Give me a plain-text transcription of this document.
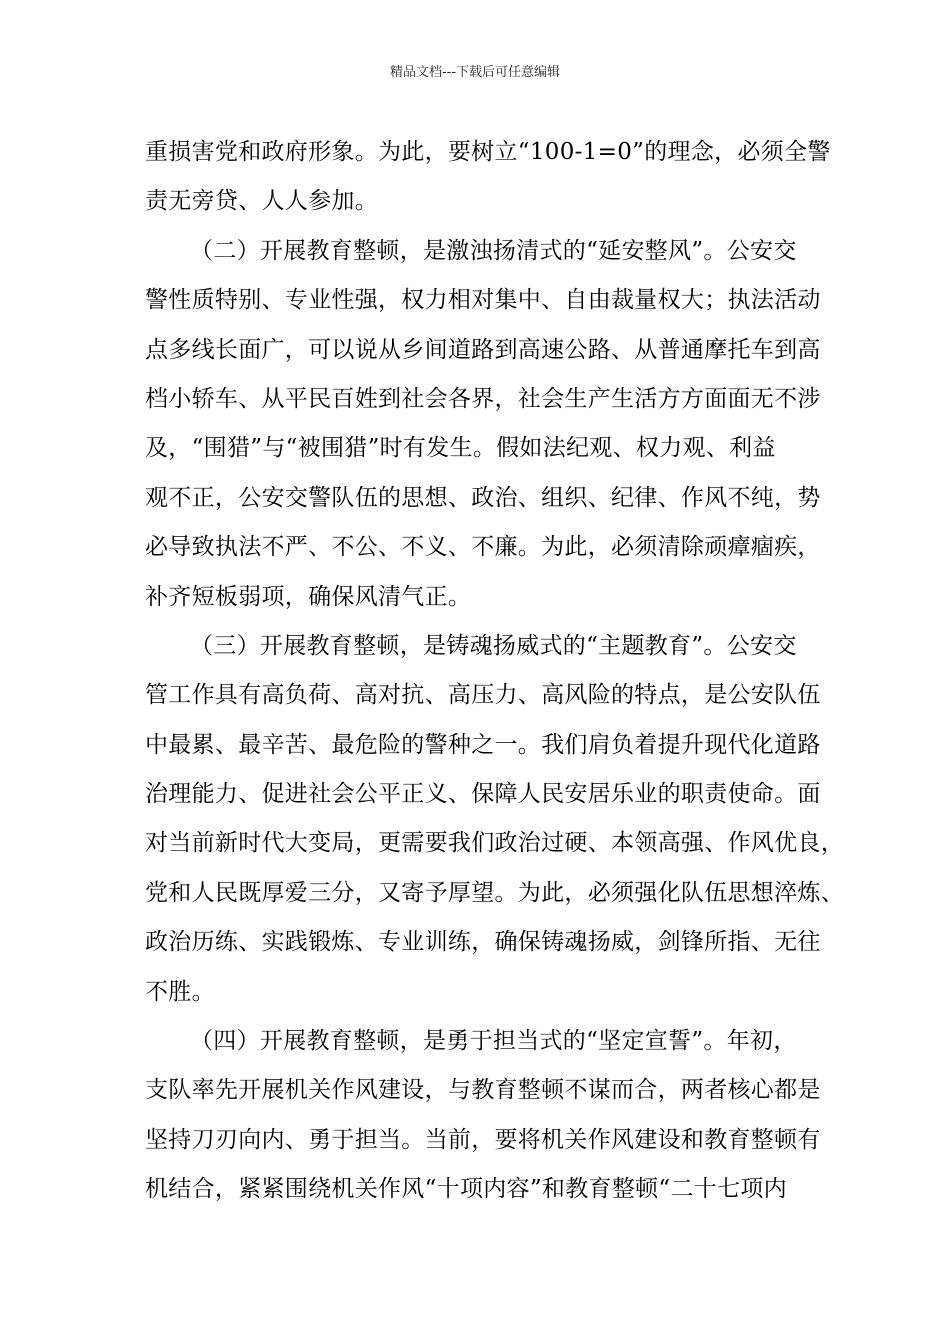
精品文档---下载后可任意编辑
重损害党和政府形象。为此，要树立“100-1=0”的理念，必须全警
责无旁贷、人人参加。
（二）开展教育整顿，是激浊扬清式的“延安整风”。公安交
警性质特别、专业性强，权力相对集中、自由裁量权大；执法活动
点多线长面广，可以说从乡间道路到高速公路、从普通摩托车到高
档小轿车、从平民百姓到社会各界，社会生产生活方方面面无不涉
及，“围猎”与“被围猎”时有发生。假如法纪观、权力观、利益
观不正，公安交警队伍的思想、政治、组织、纪律、作风不纯，势
必导致执法不严、不公、不义、不廉。为此，必须清除顽瘴痼疾，
补齐短板弱项，确保风清气正。
（三）开展教育整顿，是铸魂扬威式的“主题教育”。公安交
管工作具有高负荷、高对抗、高压力、高风险的特点，是公安队伍
中最累、最辛苦、最危险的警种之一。我们肩负着提升现代化道路
治理能力、促进社会公平正义、保障人民安居乐业的职责使命。面
对当前新时代大变局，更需要我们政治过硬、本领高强、作风优良，
党和人民既厚爱三分，又寄予厚望。为此，必须强化队伍思想淬炼、
政治历练、实践锻炼、专业训练，确保铸魂扬威，剑锋所指、无往
不胜。
（四）开展教育整顿，是勇于担当式的“坚定宣誓”。年初，
支队率先开展机关作风建设，与教育整顿不谋而合，两者核心都是
坚持刀刃向内、勇于担当。当前，要将机关作风建设和教育整顿有
机结合，紧紧围绕机关作风“十项内容”和教育整顿“二十七项内
